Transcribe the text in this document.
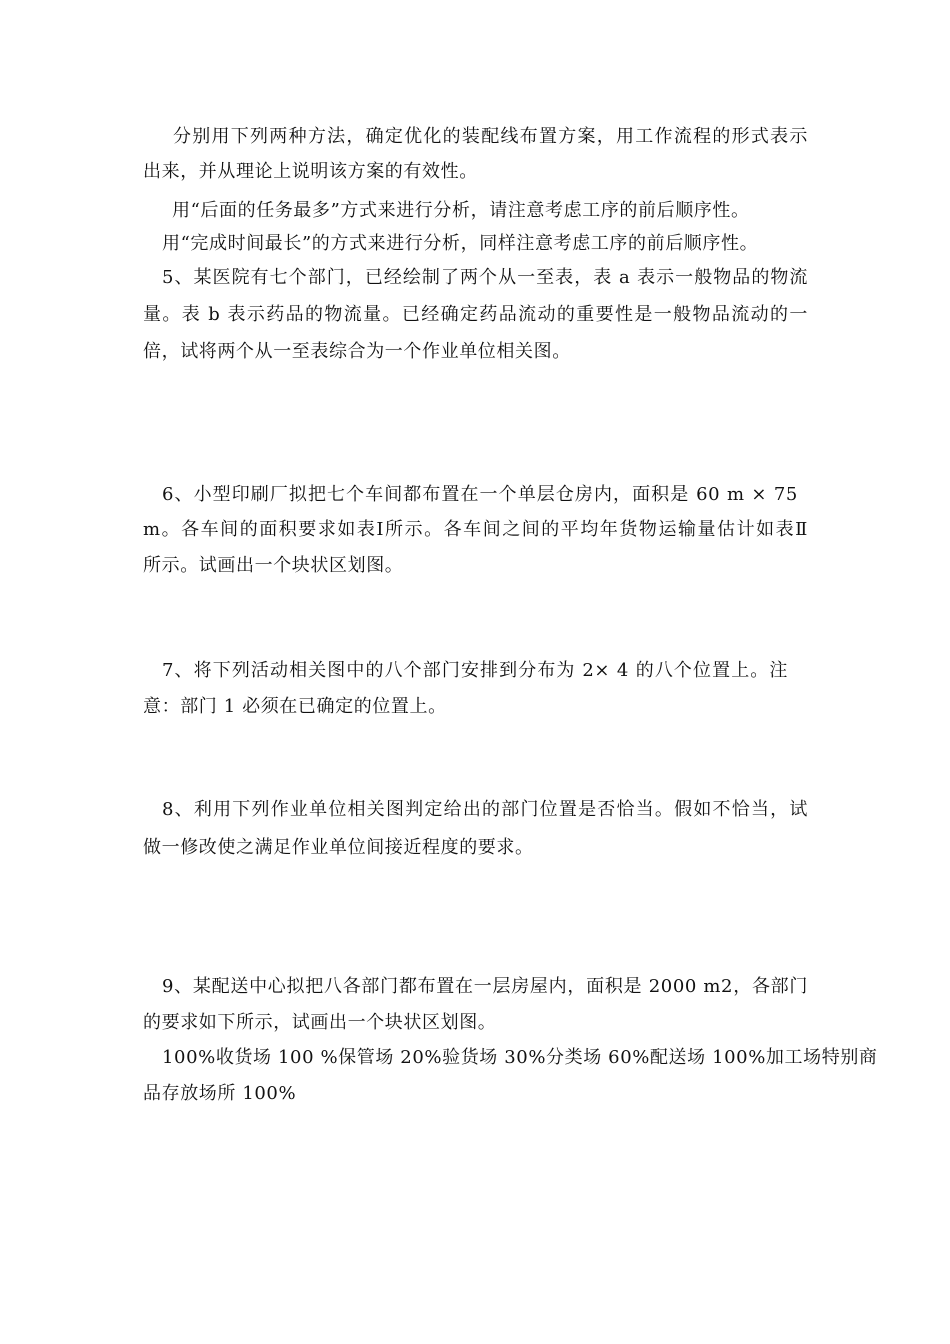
分别用下列两种方法，确定优化的装配线布置方案，用工作流程的形式表示
出来，并从理论上说明该方案的有效性。
用“后面的任务最多”方式来进行分析，请注意考虑工序的前后顺序性。
用“完成时间最长”的方式来进行分析，同样注意考虑工序的前后顺序性。
5、某医院有七个部门，已经绘制了两个从一至表，表 a 表示一般物品的物流
量。表 b 表示药品的物流量。已经确定药品流动的重要性是一般物品流动的一
倍，试将两个从一至表综合为一个作业单位相关图。
6、小型印刷厂拟把七个车间都布置在一个单层仓房内，面积是 60 m × 75
m。各车间的面积要求如表Ⅰ所示。各车间之间的平均年货物运输量估计如表Ⅱ
所示。试画出一个块状区划图。
7、将下列活动相关图中的八个部门安排到分布为 2× 4 的八个位置上。注
意：部门 1 必须在已确定的位置上。
8、利用下列作业单位相关图判定给出的部门位置是否恰当。假如不恰当，试
做一修改使之满足作业单位间接近程度的要求。
9、某配送中心拟把八各部门都布置在一层房屋内，面积是 2000 m2，各部门
的要求如下所示，试画出一个块状区划图。
100%收货场 100 %保管场 20%验货场 30%分类场 60%配送场 100%加工场特别商
品存放场所 100%
